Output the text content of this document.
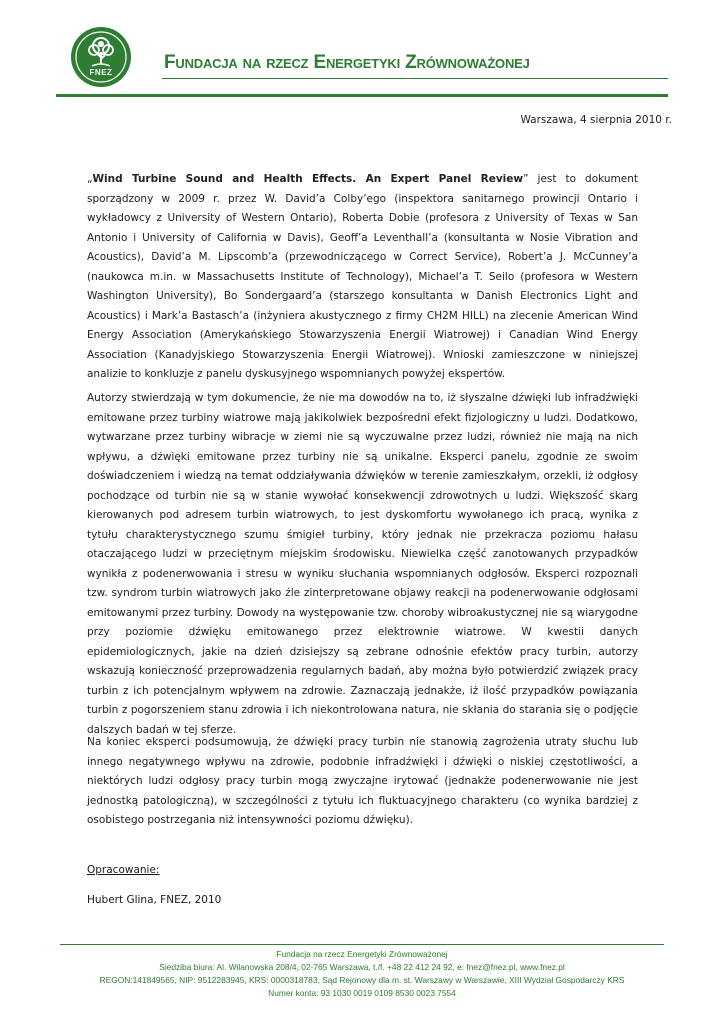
FNEZ	Fundacja na rzecz Energetyki Zrównoważonej
Warszawa, 4 sierpnia 2010 r.
„Wind Turbine Sound and Health Effects. An Expert Panel Review” jest to dokument sporządzony w 2009 r. przez W. David’a Colby’ego (inspektora sanitarnego prowincji Ontario i wykładowcy z University of Western Ontario), Roberta Dobie (profesora z University of Texas w San Antonio i University of California w Davis), Geoff’a Leventhall’a (konsultanta w Nosie Vibration and Acoustics), David’a M. Lipscomb’a (przewodniczącego w Correct Service), Robert’a J. McCunney’a (naukowca m.in. w Massachusetts Institute of Technology), Michael’a T. Seilo (profesora w Western Washington University), Bo Sondergaard’a (starszego konsultanta w Danish Electronics Light and Acoustics) i Mark’a Bastasch’a (inżyniera akustycznego z firmy CH2M HILL) na zlecenie American Wind Energy Association (Amerykańskiego Stowarzyszenia Energii Wiatrowej) i Canadian Wind Energy Association (Kanadyjskiego Stowarzyszenia Energii Wiatrowej). Wnioski zamieszczone w niniejszej analizie to konkluzje z panelu dyskusyjnego wspomnianych powyżej ekspertów.
Autorzy stwierdzają w tym dokumencie, że nie ma dowodów na to, iż słyszalne dźwięki lub infradźwięki emitowane przez turbiny wiatrowe mają jakikolwiek bezpośredni efekt fizjologiczny u ludzi. Dodatkowo, wytwarzane przez turbiny wibracje w ziemi nie są wyczuwalne przez ludzi, również nie mają na nich wpływu, a dźwięki emitowane przez turbiny nie są unikalne. Eksperci panelu, zgodnie ze swoim doświadczeniem i wiedzą na temat oddziaływania dźwięków w terenie zamieszkałym, orzekli, iż odgłosy pochodzące od turbin nie są w stanie wywołać konsekwencji zdrowotnych u ludzi. Większość skarg kierowanych pod adresem turbin wiatrowych, to jest dyskomfortu wywołanego ich pracą, wynika z tytułu charakterystycznego szumu śmigieł turbiny, który jednak nie przekracza poziomu hałasu otaczającego ludzi w przeciętnym miejskim środowisku. Niewielka część zanotowanych przypadków wynikła z podenerwowania i stresu w wyniku słuchania wspomnianych odgłosów. Eksperci rozpoznali tzw. syndrom turbin wiatrowych jako źle zinterpretowane objawy reakcji na podenerwowanie odgłosami emitowanymi przez turbiny. Dowody na występowanie tzw. choroby wibroakustycznej nie są wiarygodne przy poziomie dźwięku emitowanego przez elektrownie wiatrowe. W kwestii danych epidemiologicznych, jakie na dzień dzisiejszy są zebrane odnośnie efektów pracy turbin, autorzy wskazują konieczność przeprowadzenia regularnych badań, aby można było potwierdzić związek pracy turbin z ich potencjalnym wpływem na zdrowie. Zaznaczają jednakże, iż ilość przypadków powiązania turbin z pogorszeniem stanu zdrowia i ich niekontrolowana natura, nie skłania do starania się o podjęcie dalszych badań w tej sferze.
Na koniec eksperci podsumowują, że dźwięki pracy turbin nie stanowią zagrożenia utraty słuchu lub innego negatywnego wpływu na zdrowie, podobnie infradźwięki i dźwięki o niskiej częstotliwości, a niektórych ludzi odgłosy pracy turbin mogą zwyczajne irytować (jednakże podenerwowanie nie jest jednostką patologiczną), w szczególności z tytułu ich fluktuacyjnego charakteru (co wynika bardziej z osobistego postrzegania niż intensywności poziomu dźwięku).
Opracowanie:
Hubert Glina, FNEZ, 2010
Fundacja na rzecz Energetyki Zrównoważonej
Siedziba biura: Al. Wilanowska 208/4, 02-765 Warszawa, t./f. +48 22 412 24 92, e: fnez@fnez.pl, www.fnez.pl
REGON:141849565, NIP: 9512283945, KRS: 0000318783, Sąd Rejonowy dla m. st. Warszawy w Warszawie, XIII Wydział Gospodarczy KRS
Numer konta: 93 1030 0019 0109 8530 0023 7554
